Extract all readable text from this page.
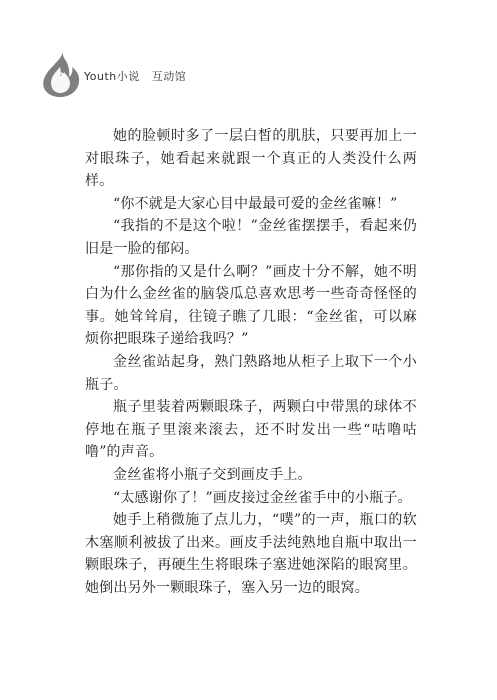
2	Youth小说 互动馆

她的脸顿时多了一层白皙的肌肤，只要再加上一对眼珠子，她看起来就跟一个真正的人类没什么两样。

“你不就是大家心目中最最可爱的金丝雀嘛！”

“我指的不是这个啦！”金丝雀摆摆手，看起来仍旧是一脸的郁闷。

“那你指的又是什么啊？”画皮十分不解，她不明白为什么金丝雀的脑袋瓜总喜欢思考一些奇奇怪怪的事。她耸耸肩，往镜子瞧了几眼：“金丝雀，可以麻烦你把眼珠子递给我吗？”

金丝雀站起身，熟门熟路地从柜子上取下一个小瓶子。

瓶子里装着两颗眼珠子，两颗白中带黑的球体不停地在瓶子里滚来滚去，还不时发出一些“咕噜咕噜”的声音。

金丝雀将小瓶子交到画皮手上。

“太感谢你了！”画皮接过金丝雀手中的小瓶子。

她手上稍微施了点儿力，“噗”的一声，瓶口的软木塞顺利被拔了出来。画皮手法纯熟地自瓶中取出一颗眼珠子，再硬生生将眼珠子塞进她深陷的眼窝里。她倒出另外一颗眼珠子，塞入另一边的眼窝。
